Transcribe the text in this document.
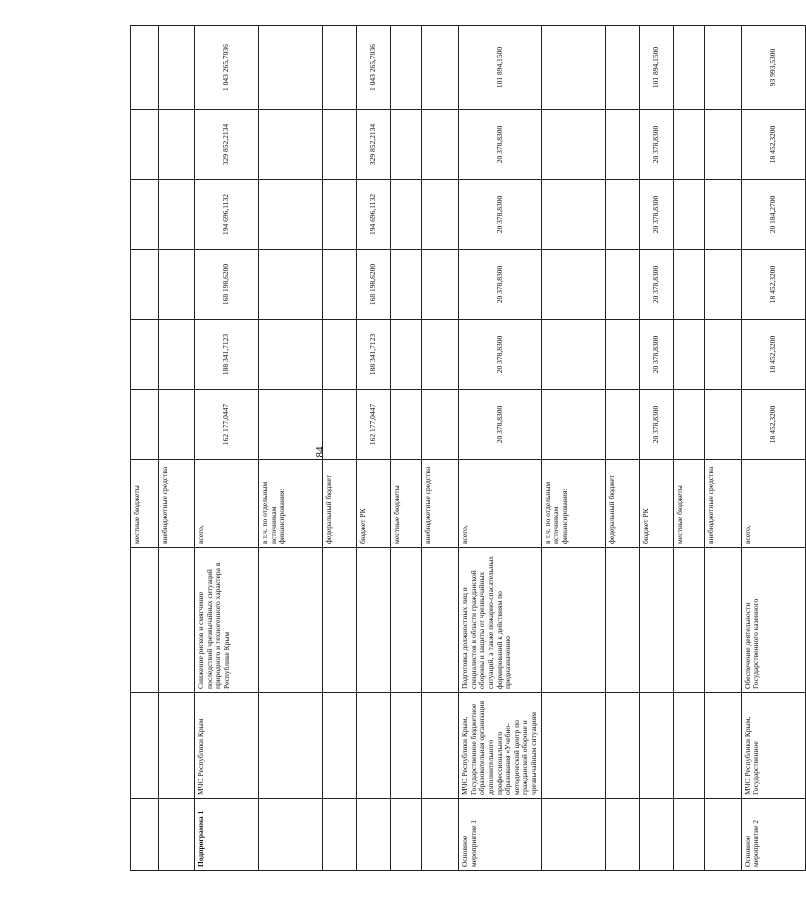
84
			местные бюджеты						
			внебюджетные средства						
Подпрограмма 1	МЧС Республики Крым	Снижение рисков и смягчение последствий чрезвычайных ситуаций природного и техногенного характера в Республике Крым	всего,	162 177,0447	188 341,7123	168 198,6200	194 696,1132	329 852,2134	1 043 265,7036
			в т.ч. по отдельным источникам финансирования:						
			федеральный бюджет						
			бюджет РК	162 177,0447	188 341,7123	168 198,6200	194 696,1132	329 852,2134	1 043 265,7036
			местные бюджеты						
			внебюджетные средства						
Основное мероприятие 1	МЧС Республики Крым, Государственное бюджетное образовательная организация дополнительного профессионального образования «Учебно-методический центр по гражданской обороне и чрезвычайным ситуациям	Подготовка должностных лиц и специалистов в области гражданской обороны и защиты от чрезвычайных ситуаций, а также пожарно-спасательных формирований к действиям по предназначению	всего,	20 378,8300	20 378,8300	20 378,8300	20 378,8300	20 378,8300	101 894,1500
			в т.ч. по отдельным источникам финансирования:						
			федеральный бюджет						
			бюджет РК	20 378,8300	20 378,8300	20 378,8300	20 378,8300	20 378,8300	101 894,1500
			местные бюджеты						
			внебюджетные средства						
Основное мероприятие 2	МЧС Республики Крым, Государственное	Обеспечение деятельности Государственного казенного	всего,	18 452,3200	18 452,3200	18 452,3200	20 184,2700	18 452,3200	93 993,5300
